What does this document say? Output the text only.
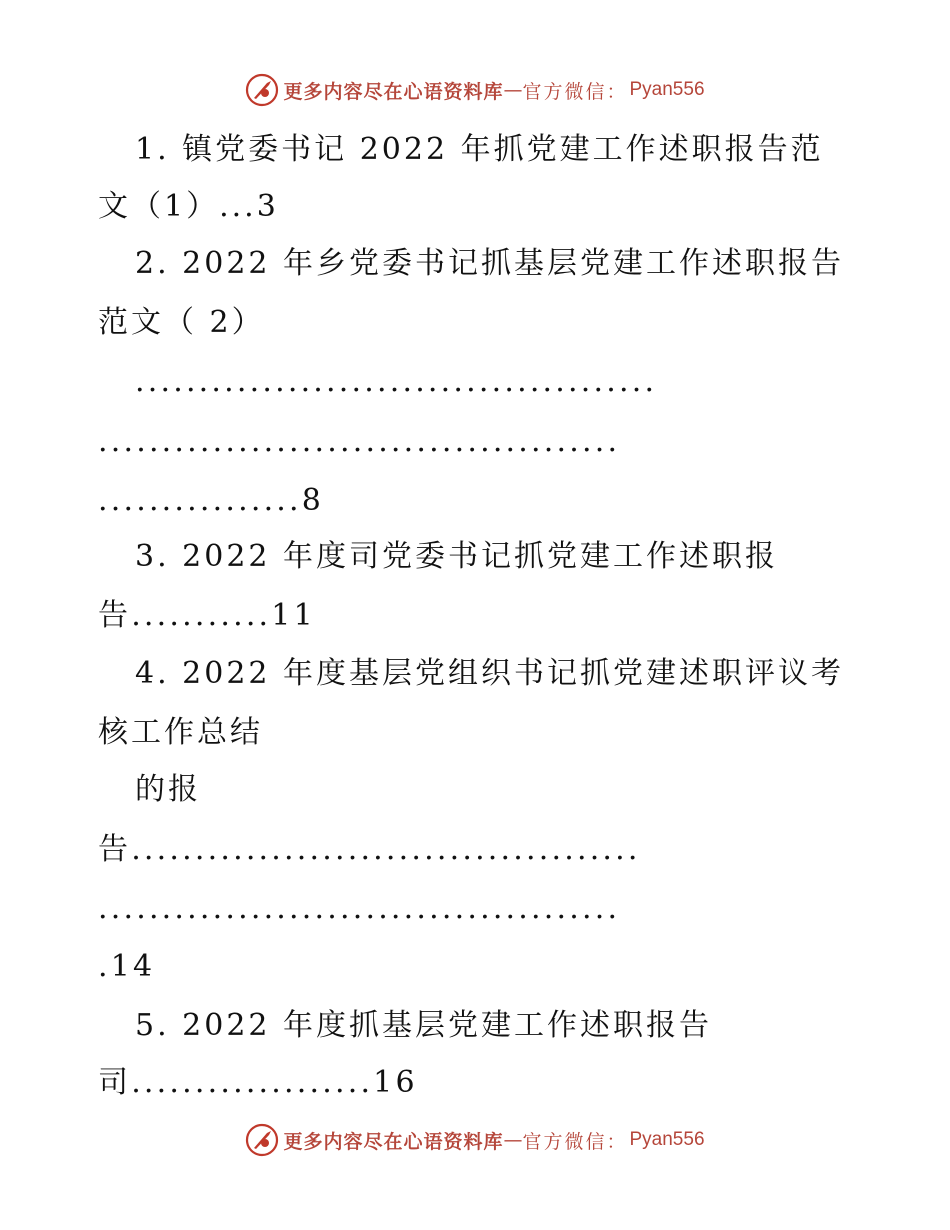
更多内容尽在心语资料库 — 官方微信： Pyan556
1. 镇党委书记 2022 年抓党建工作述职报告范
文（1）...3
2. 2022 年乡党委书记抓基层党建工作述职报告
范文（ 2）
.........................................
.........................................
................8
3. 2022 年度司党委书记抓党建工作述职报
告...........11
4. 2022 年度基层党组织书记抓党建述职评议考
核工作总结
的报
告........................................
.........................................
.14
5. 2022 年度抓基层党建工作述职报告
司...................16
更多内容尽在心语资料库 — 官方微信： Pyan556
